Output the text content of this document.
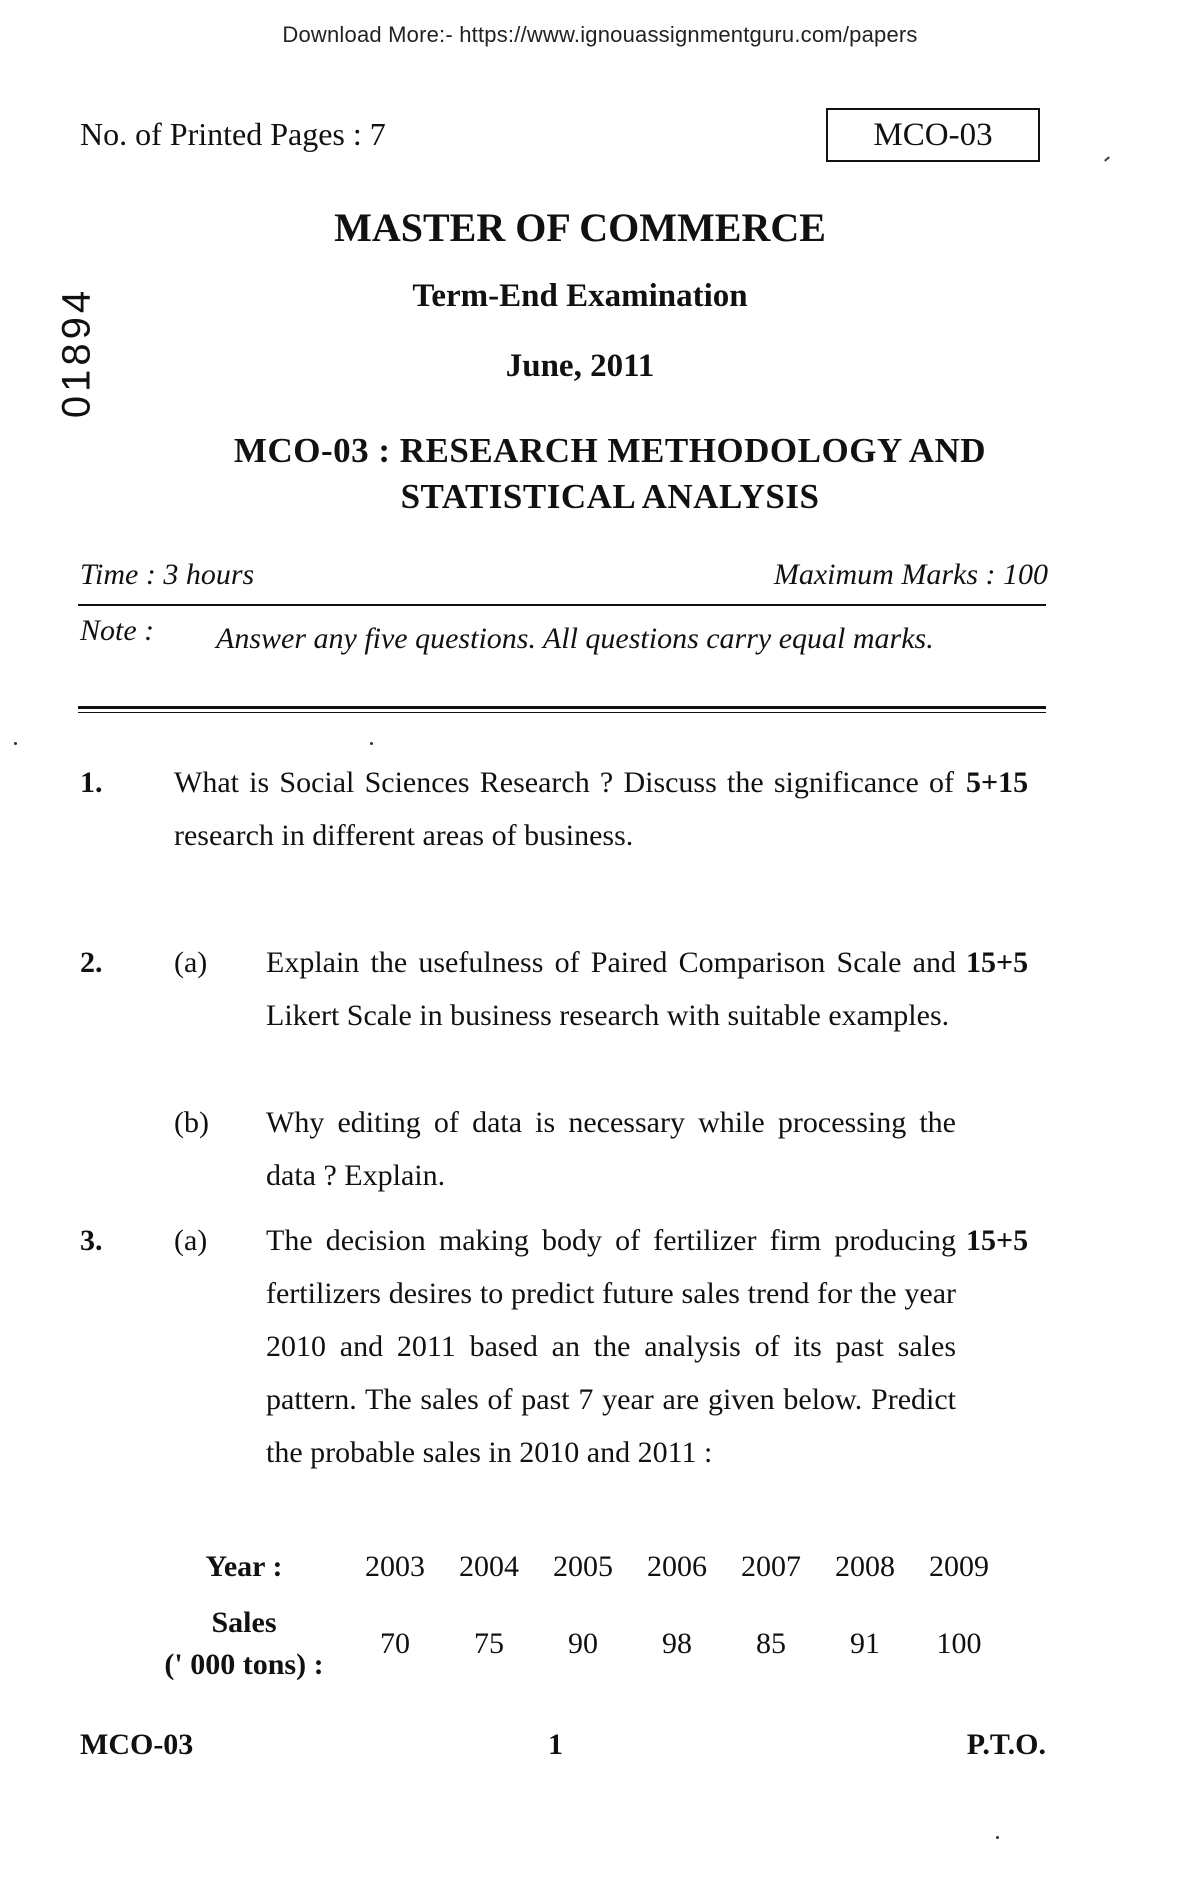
Download More:- https://www.ignouassignmentguru.com/papers
No. of Printed Pages : 7	MCO-03
01894
MASTER OF COMMERCE
Term-End Examination
June, 2011
MCO-03 : RESEARCH METHODOLOGY AND
STATISTICAL ANALYSIS
Time : 3 hours	Maximum Marks : 100
Note : Answer any five questions. All questions carry equal marks.
1.	What is Social Sciences Research ? Discuss the significance of research in different areas of business.
5+15
2.	(a)	Explain the usefulness of Paired Comparison Scale and Likert Scale in business research with suitable examples.
15+5
(b)	Why editing of data is necessary while processing the data ? Explain.
3.	(a)	The decision making body of fertilizer firm producing fertilizers desires to predict future sales trend for the year 2010 and 2011 based an the analysis of its past sales pattern. The sales of past 7 year are given below. Predict the probable sales in 2010 and 2011 :
15+5
Year :	2003	2004	2005	2006	2007	2008	2009

Sales
(' 000 tons) :	70	75	90	98	85	91	100
MCO-03	1	P.T.O.
